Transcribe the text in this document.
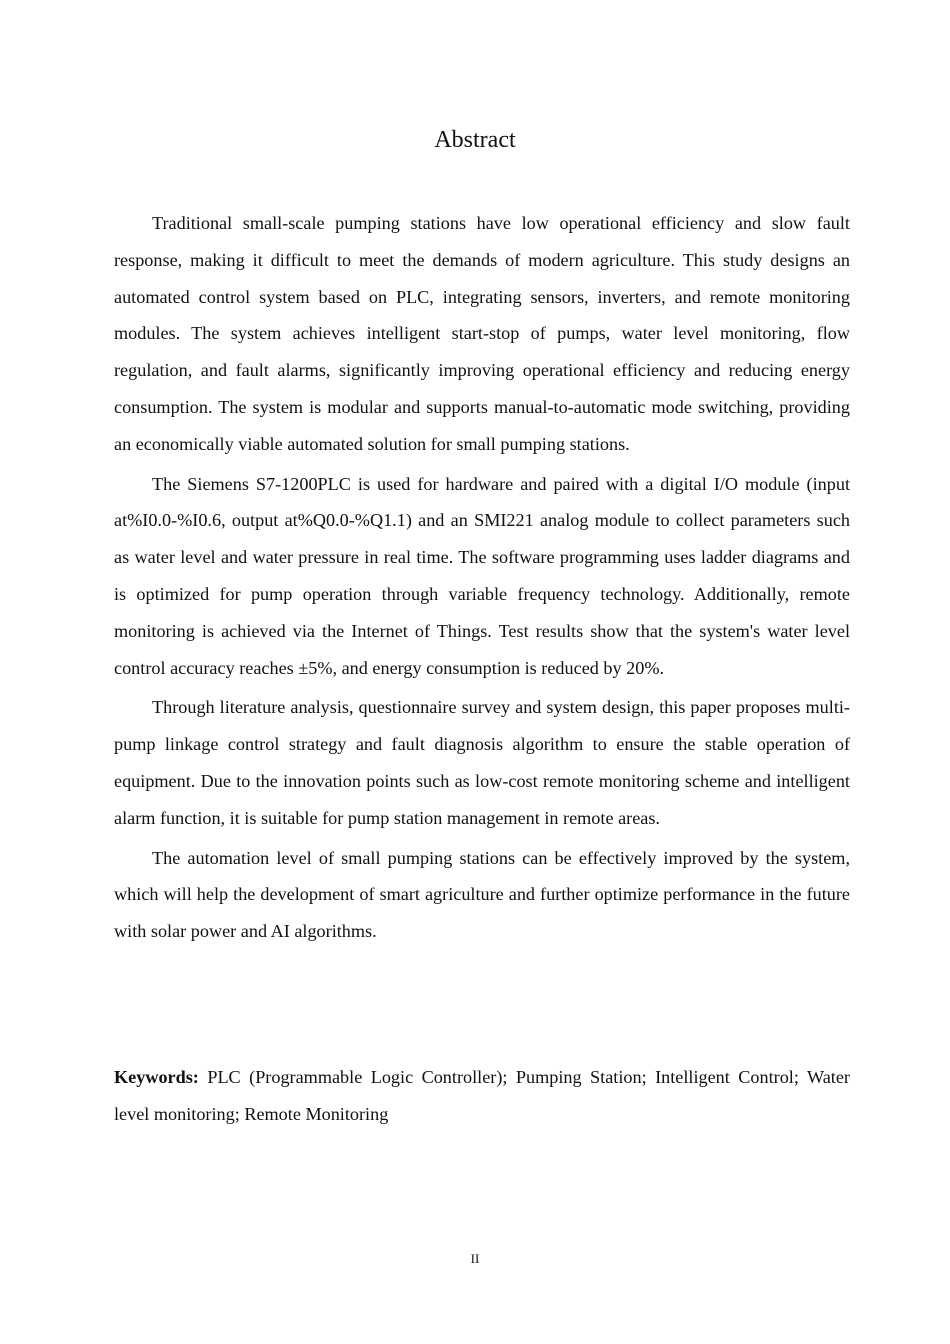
Abstract

Traditional small-scale pumping stations have low operational efficiency and slow fault response, making it difficult to meet the demands of modern agriculture. This study designs an automated control system based on PLC, integrating sensors, inverters, and remote monitoring modules. The system achieves intelligent start-stop of pumps, water level monitoring, flow regulation, and fault alarms, significantly improving operational efficiency and reducing energy consumption. The system is modular and supports manual-to-automatic mode switching, providing an economically viable automated solution for small pumping stations.

The Siemens S7-1200PLC is used for hardware and paired with a digital I/O module (input at%I0.0-%I0.6, output at%Q0.0-%Q1.1) and an SMI221 analog module to collect parameters such as water level and water pressure in real time. The software programming uses ladder diagrams and is optimized for pump operation through variable frequency technology. Additionally, remote monitoring is achieved via the Internet of Things. Test results show that the system's water level control accuracy reaches ±5%, and energy consumption is reduced by 20%.

Through literature analysis, questionnaire survey and system design, this paper proposes multi-pump linkage control strategy and fault diagnosis algorithm to ensure the stable operation of equipment. Due to the innovation points such as low-cost remote monitoring scheme and intelligent alarm function, it is suitable for pump station management in remote areas.

The automation level of small pumping stations can be effectively improved by the system, which will help the development of smart agriculture and further optimize performance in the future with solar power and AI algorithms.

Keywords: PLC (Programmable Logic Controller); Pumping Station; Intelligent Control; Water level monitoring; Remote Monitoring

II
